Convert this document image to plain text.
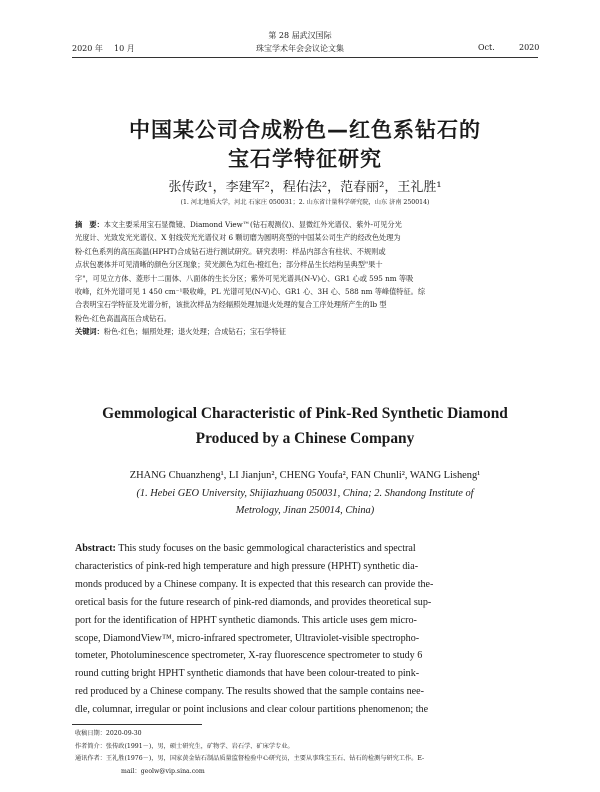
第 28 届武汉国际
2020 年 10 月	珠宝学术年会会议论文集	Oct.	2020
中国某公司合成粉色—红色系钻石的
宝石学特征研究
张传政¹，李建军²，程佑法²，范春丽²，王礼胜¹
(1. 河北地质大学，河北 石家庄 050031；2. 山东省计量科学研究院，山东 济南 250014)
摘　要：本文主要采用宝石显微镜、Diamond View™(钻石观测仪)、显微红外光谱仪、紫外-可见分光
光度计、光致发光光谱仪、X 射线荧光光谱仪对 6 颗切磨为圆明亮型的中国某公司生产的经改色处理为
粉-红色系列的高压高温(HPHT)合成钻石进行测试研究。研究表明：样品内部含有柱状、不规则或
点状包裹体并可见清晰的颜色分区现象；荧光颜色为红色-橙红色；部分样品生长结构呈典型"果十
字"，可见立方体、菱形十二面体、八面体的生长分区；紫外可见光谱具(N-V)心、GR1 心或 595 nm 等吸
收峰，红外光谱可见 1 450 cm⁻¹吸收峰，PL 光谱可见(N-V)心、GR1 心、3H 心、588 nm 等峰值特征。综
合表明宝石学特征及光谱分析，该批次样品为经辐照处理加退火处理的复合工序处理所产生的Ⅰb 型
粉色-红色高温高压合成钻石。
关键词：粉色-红色；辐照处理；退火处理；合成钻石；宝石学特征
Gemmological Characteristic of Pink-Red Synthetic Diamond
Produced by a Chinese Company
ZHANG Chuanzheng¹, LI Jianjun², CHENG Youfa², FAN Chunli², WANG Lisheng¹
(1. Hebei GEO University, Shijiazhuang 050031, China; 2. Shandong Institute of
Metrology, Jinan 250014, China)
Abstract: This study focuses on the basic gemmological characteristics and spectral
characteristics of pink-red high temperature and high pressure (HPHT) synthetic dia-
monds produced by a Chinese company. It is expected that this research can provide the-
oretical basis for the future research of pink-red diamonds, and provides theoretical sup-
port for the identification of HPHT synthetic diamonds. This article uses gem micro-
scope, DiamondView™, micro-infrared spectrometer, Ultraviolet-visible spectropho-
tometer, Photoluminescence spectrometer, X-ray fluorescence spectrometer to study 6
round cutting bright HPHT synthetic diamonds that have been colour-treated to pink-
red produced by a Chinese company. The results showed that the sample contains nee-
dle, columnar, irregular or point inclusions and clear colour partitions phenomenon; the
收稿日期：2020-09-30
作者简介：张传政(1991－)，男，硕士研究生，矿物学、岩石学、矿床学专业。
通讯作者：王礼胜(1976－)，男，国家黄金钻石制品质量监督检验中心研究员，主要从事珠宝玉石、钻石的检测与研究工作。E-
mail：geolw@vip.sina.com
